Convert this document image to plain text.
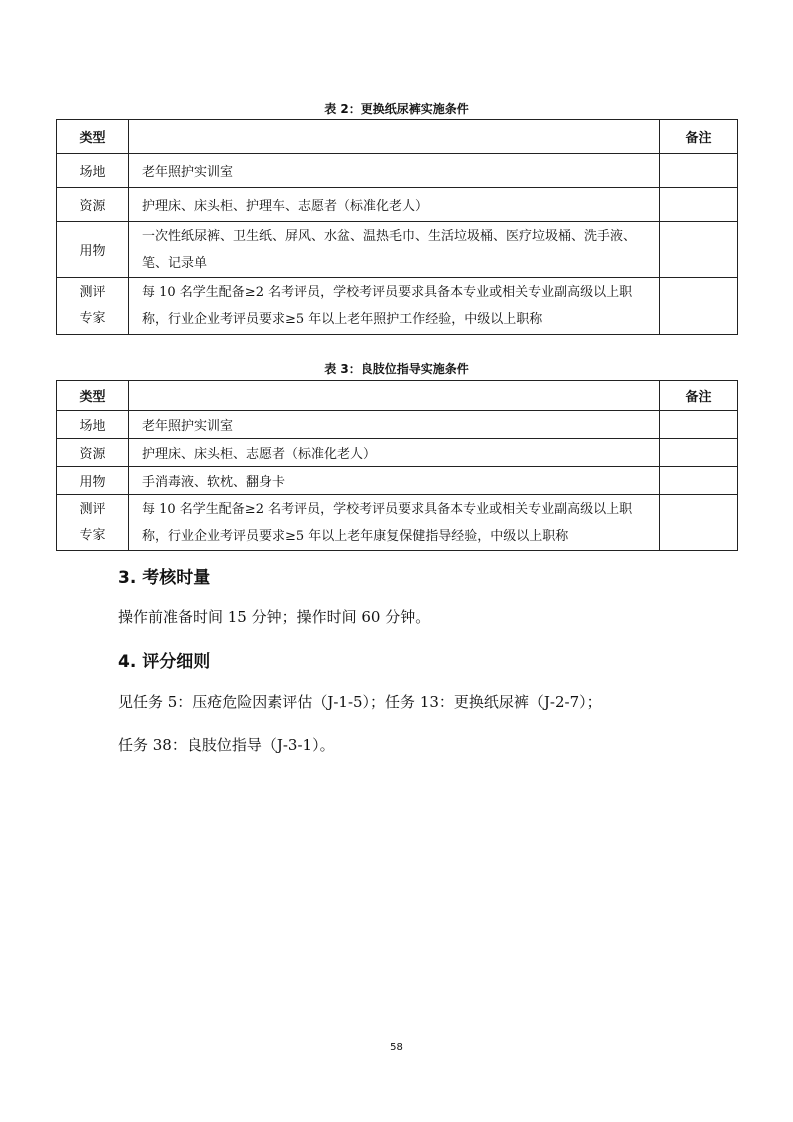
表 2：更换纸尿裤实施条件
类型		备注
场地	老年照护实训室	
资源	护理床、床头柜、护理车、志愿者（标准化老人）	
用物	一次性纸尿裤、卫生纸、屏风、水盆、温热毛巾、生活垃圾桶、医疗垃圾桶、洗手液、
笔、记录单	

测评
专家	每 10 名学生配备≥2 名考评员，学校考评员要求具备本专业或相关专业副高级以上职
称，行业企业考评员要求≥5 年以上老年照护工作经验，中级以上职称	

表 3：良肢位指导实施条件
类型		备注
场地	老年照护实训室	
资源	护理床、床头柜、志愿者（标准化老人）	
用物	手消毒液、软枕、翻身卡	

测评
专家	每 10 名学生配备≥2 名考评员，学校考评员要求具备本专业或相关专业副高级以上职
称，行业企业考评员要求≥5 年以上老年康复保健指导经验，中级以上职称	

3. 考核时量
操作前准备时间 15 分钟；操作时间 60 分钟。
4. 评分细则
见任务 5：压疮危险因素评估（J-1-5）；任务 13：更换纸尿裤（J-2-7）；
任务 38：良肢位指导（J-3-1）。
58
